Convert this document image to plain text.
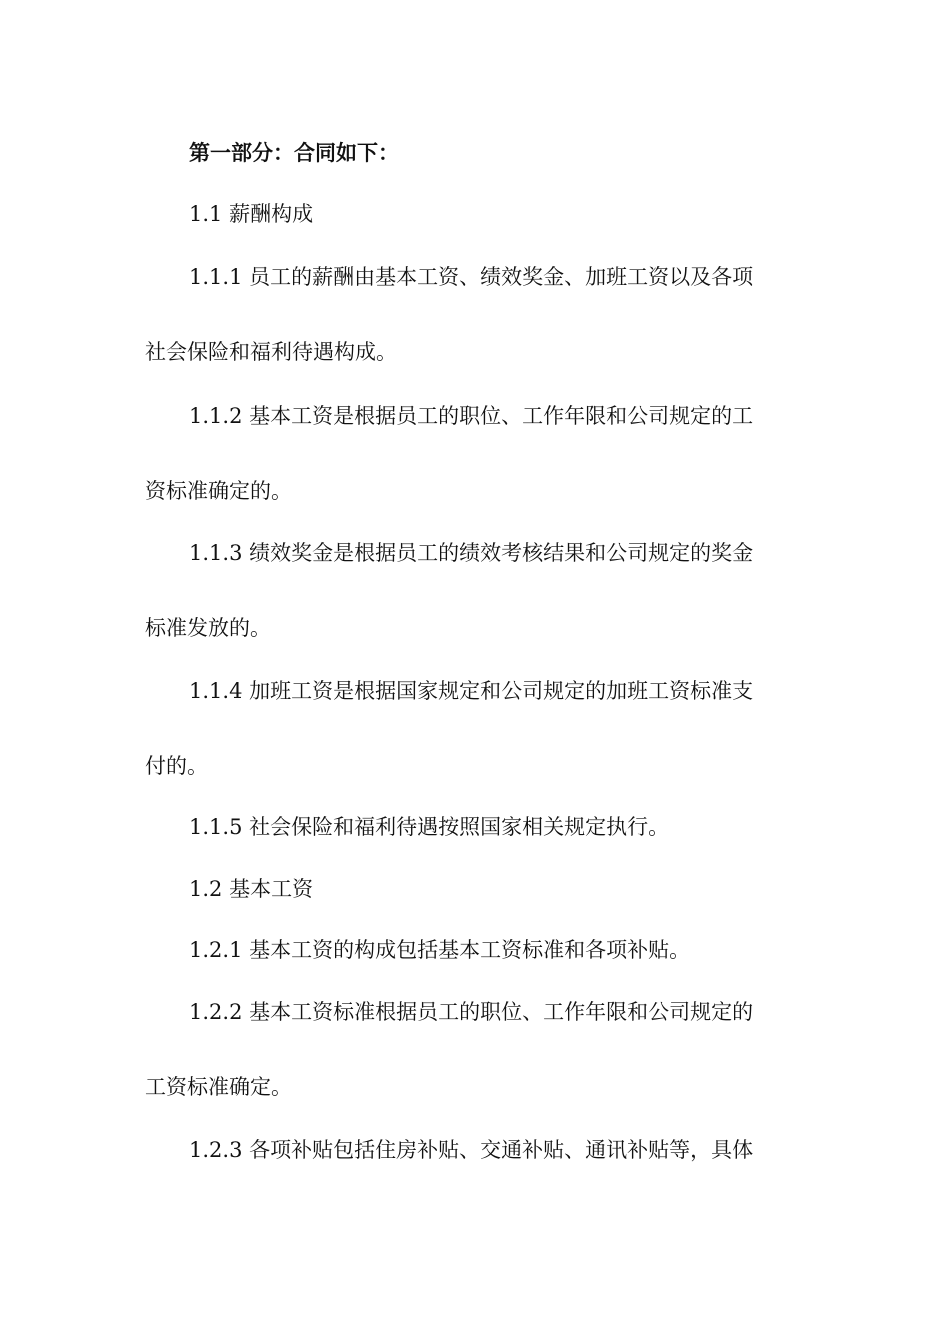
第一部分：合同如下：
1.1 薪酬构成
1.1.1 员工的薪酬由基本工资、绩效奖金、加班工资以及各项
社会保险和福利待遇构成。
1.1.2 基本工资是根据员工的职位、工作年限和公司规定的工
资标准确定的。
1.1.3 绩效奖金是根据员工的绩效考核结果和公司规定的奖金
标准发放的。
1.1.4 加班工资是根据国家规定和公司规定的加班工资标准支
付的。
1.1.5 社会保险和福利待遇按照国家相关规定执行。
1.2 基本工资
1.2.1 基本工资的构成包括基本工资标准和各项补贴。
1.2.2 基本工资标准根据员工的职位、工作年限和公司规定的
工资标准确定。
1.2.3 各项补贴包括住房补贴、交通补贴、通讯补贴等，具体
